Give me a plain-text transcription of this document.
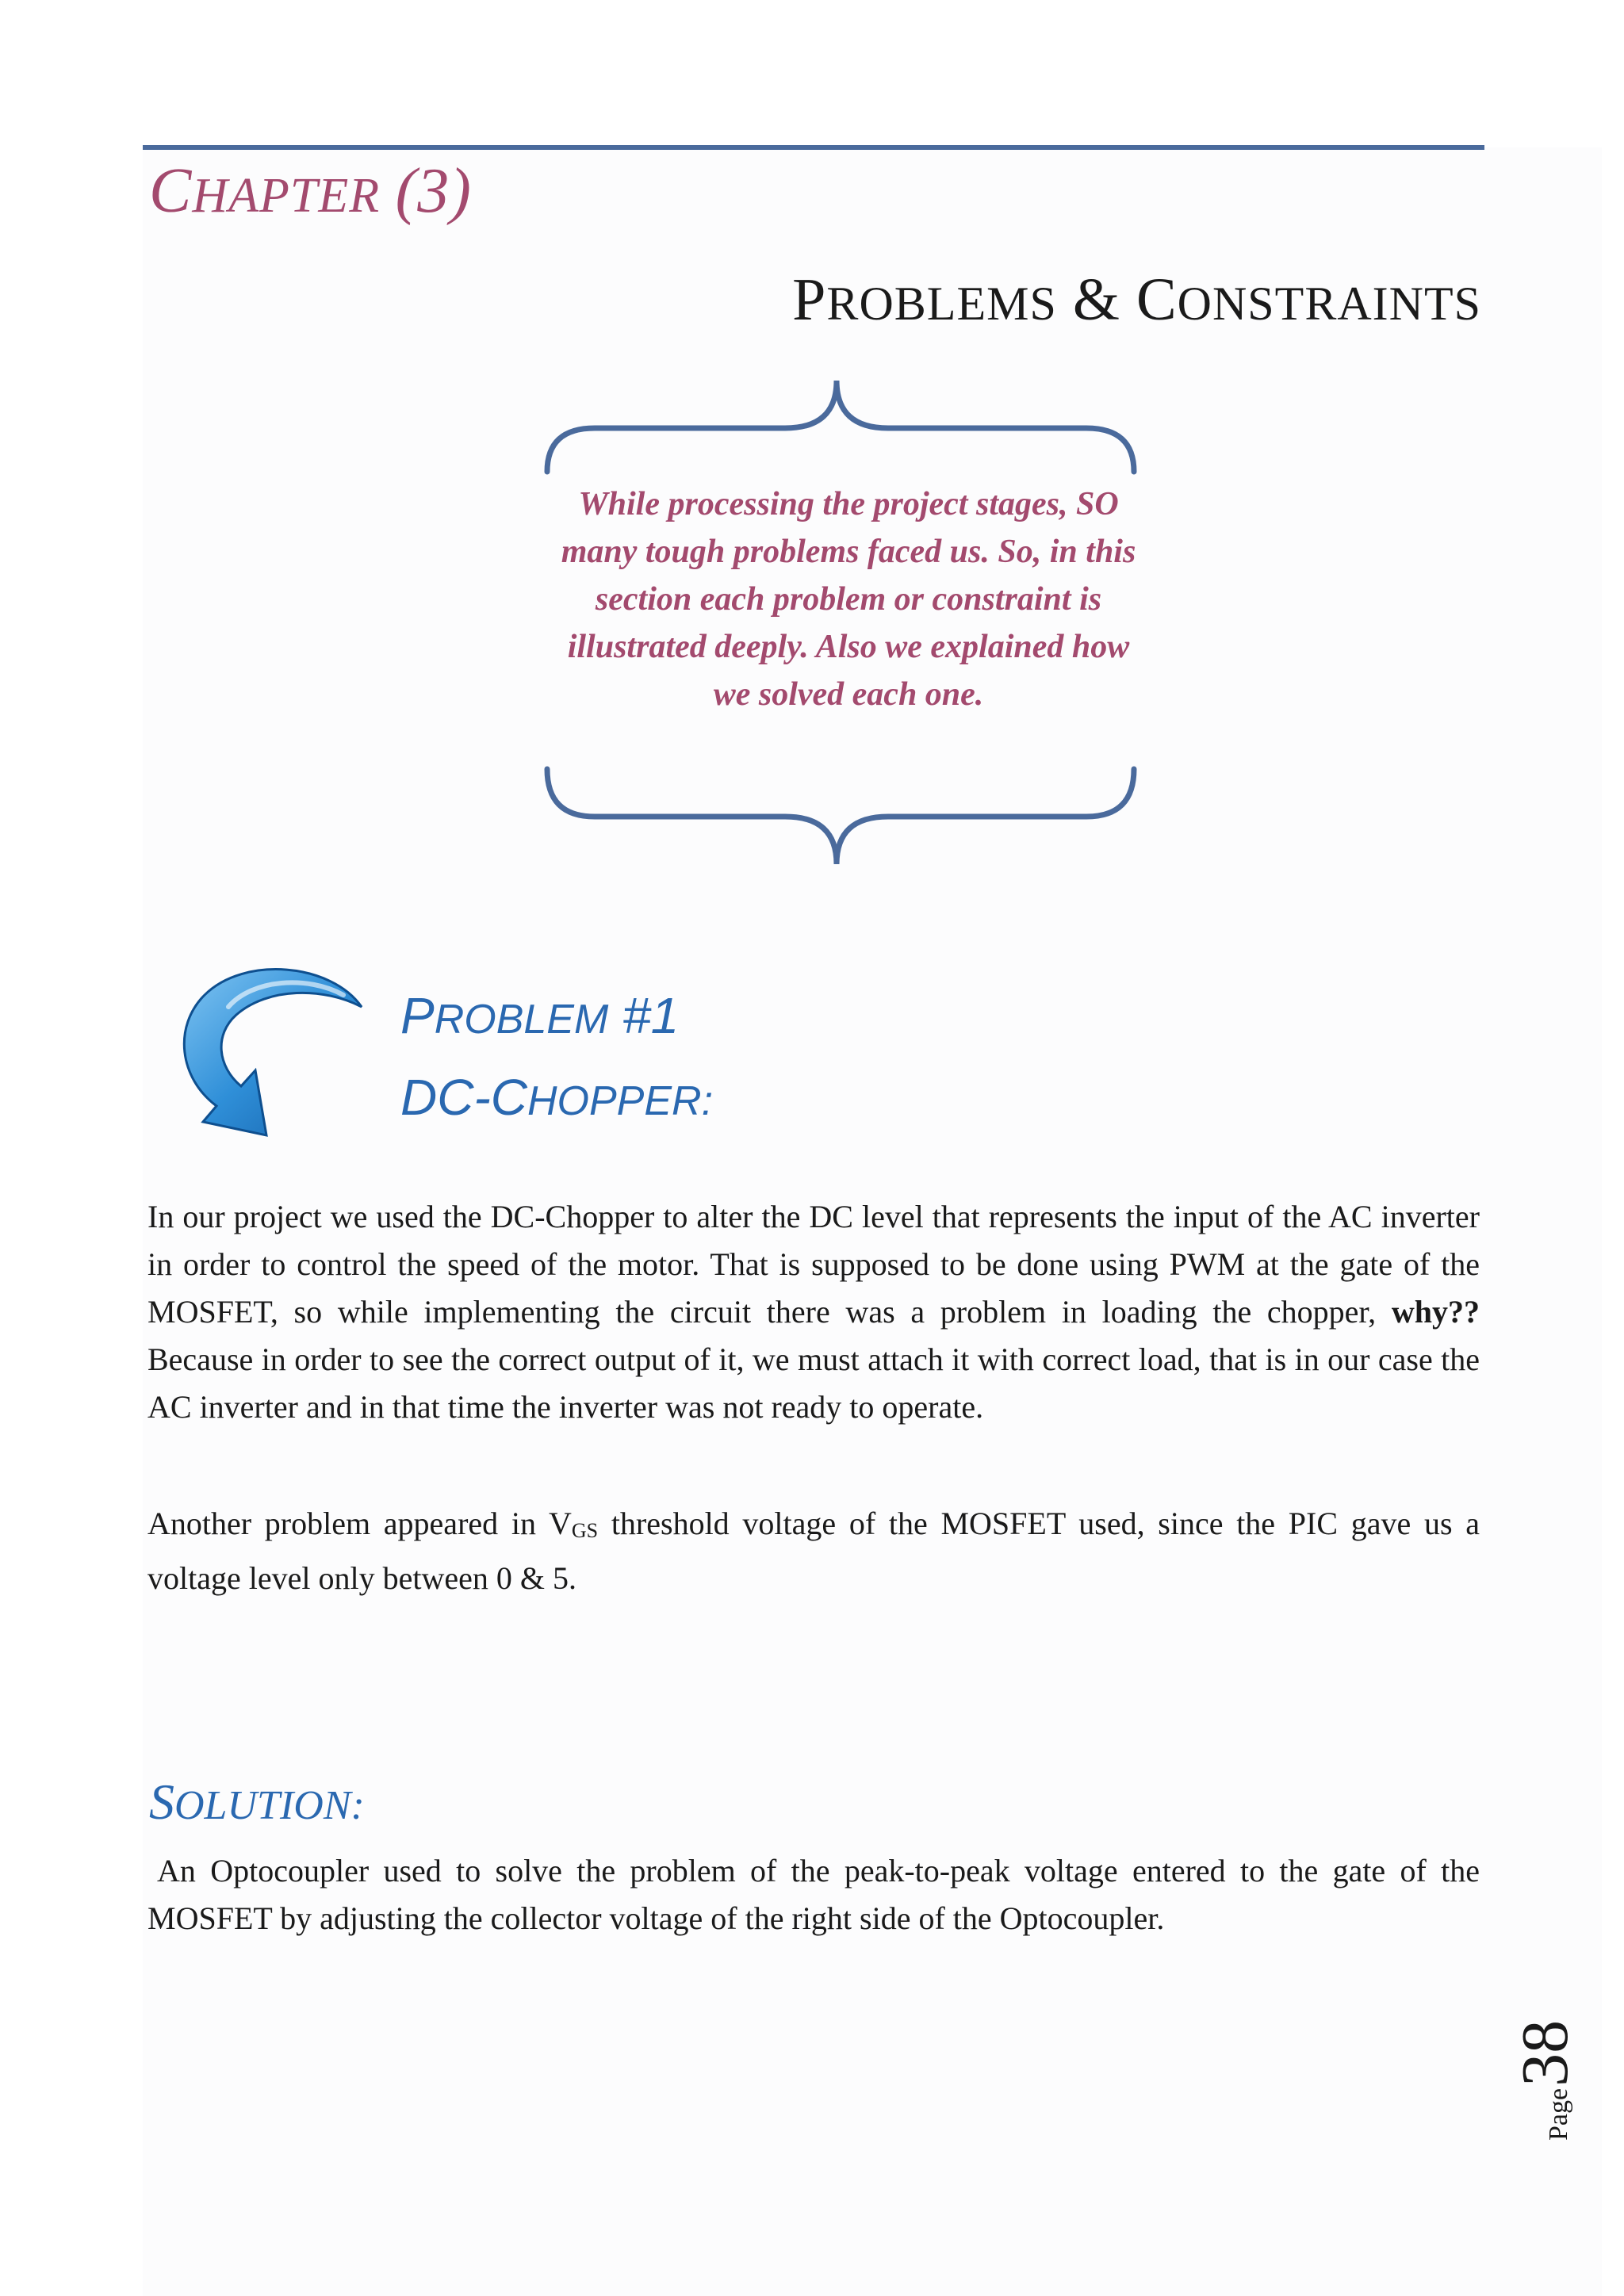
CHAPTER (3)
PROBLEMS & CONSTRAINTS
While processing the project stages, SO many tough problems faced us. So, in this section each problem or constraint is illustrated deeply. Also we explained how we solved each one.
PROBLEM #1
DC-CHOPPER:

In our project we used the DC-Chopper to alter the DC level that represents the input of the AC inverter in order to control the speed of the motor. That is supposed to be done using PWM at the gate of the MOSFET, so while implementing the circuit there was a problem in loading the chopper, why?? Because in order to see the correct output of it, we must attach it with correct load, that is in our case the AC inverter and in that time the inverter was not ready to operate.

Another problem appeared in VGS threshold voltage of the MOSFET used, since the PIC gave us a voltage level only between 0 & 5.

SOLUTION:

An Optocoupler used to solve the problem of the peak-to-peak voltage entered to the gate of the MOSFET by adjusting the collector voltage of the right side of the Optocoupler.

Page
38
